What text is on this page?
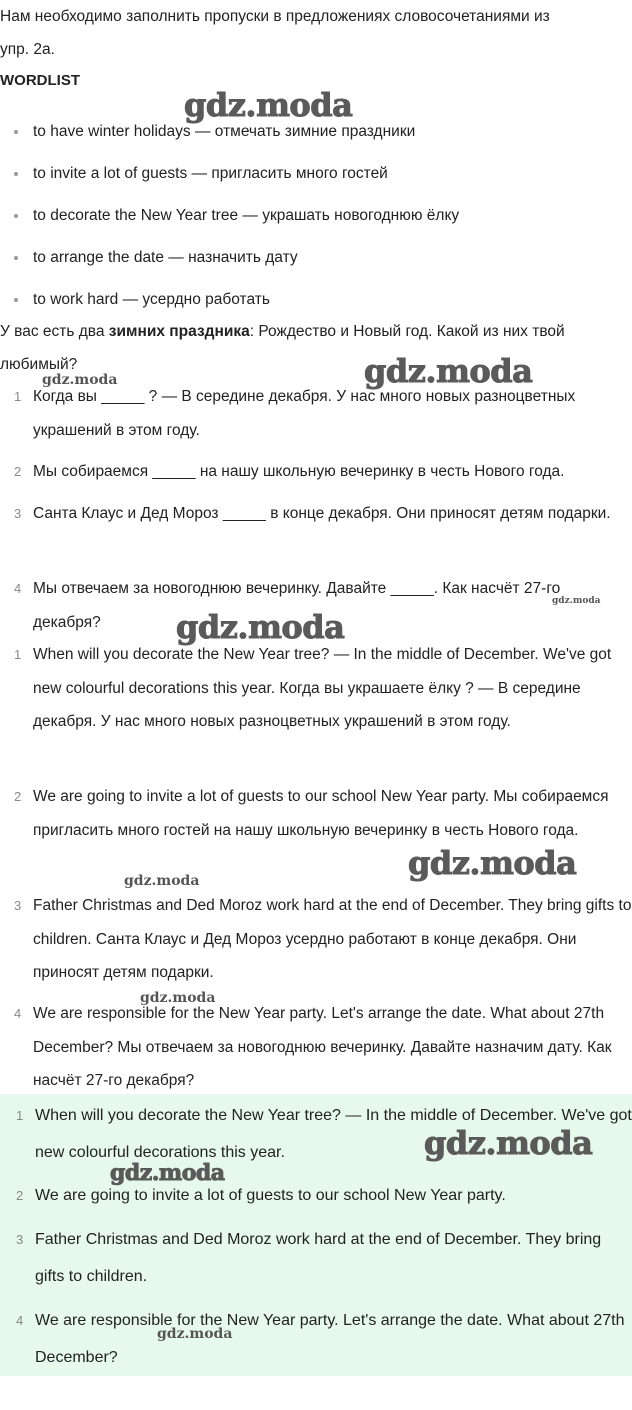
Нам необходимо заполнить пропуски в предложениях словосочетаниями из

упр. 2а.

WORDLIST
to have winter holidays — отмечать зимние праздники
to invite a lot of guests — пригласить много гостей
to decorate the New Year tree — украшать новогоднюю ёлку
to arrange the date — назначить дату
to work hard — усердно работать

У вас есть два зимних праздника: Рождество и Новый год. Какой из них твой

любимый?

1 Когда вы _____ ? — В середине декабря. У нас много новых разноцветных украшений в этом году.

2 Мы собираемся _____ на нашу школьную вечеринку в честь Нового года.

3 Санта Клаус и Дед Мороз _____ в конце декабря. Они приносят детям подарки.

4 Мы отвечаем за новогоднюю вечеринку. Давайте _____. Как насчёт 27-го декабря?

1 When will you decorate the New Year tree? — In the middle of December. We've got new colourful decorations this year. Когда вы украшаете ёлку ? — В середине декабря. У нас много новых разноцветных украшений в этом году.

2 We are going to invite a lot of guests to our school New Year party. Мы собираемся пригласить много гостей на нашу школьную вечеринку в честь Нового года.

3 Father Christmas and Ded Moroz work hard at the end of December. They bring gifts to children. Санта Клаус и Дед Мороз усердно работают в конце декабря. Они приносят детям подарки.

4 We are responsible for the New Year party. Let's arrange the date. What about 27th December? Мы отвечаем за новогоднюю вечеринку. Давайте назначим дату. Как насчёт 27-го декабря?

1 When will you decorate the New Year tree? — In the middle of December. We've got new colourful decorations this year.

2 We are going to invite a lot of guests to our school New Year party.

3 Father Christmas and Ded Moroz work hard at the end of December. They bring gifts to children.

4 We are responsible for the New Year party. Let's arrange the date. What about 27th December?

gdz.moda
gdz.moda
gdz.moda
gdz.moda
gdz.moda
gdz.moda
gdz.moda
gdz.moda
gdz.moda
gdz.moda
gdz.moda
